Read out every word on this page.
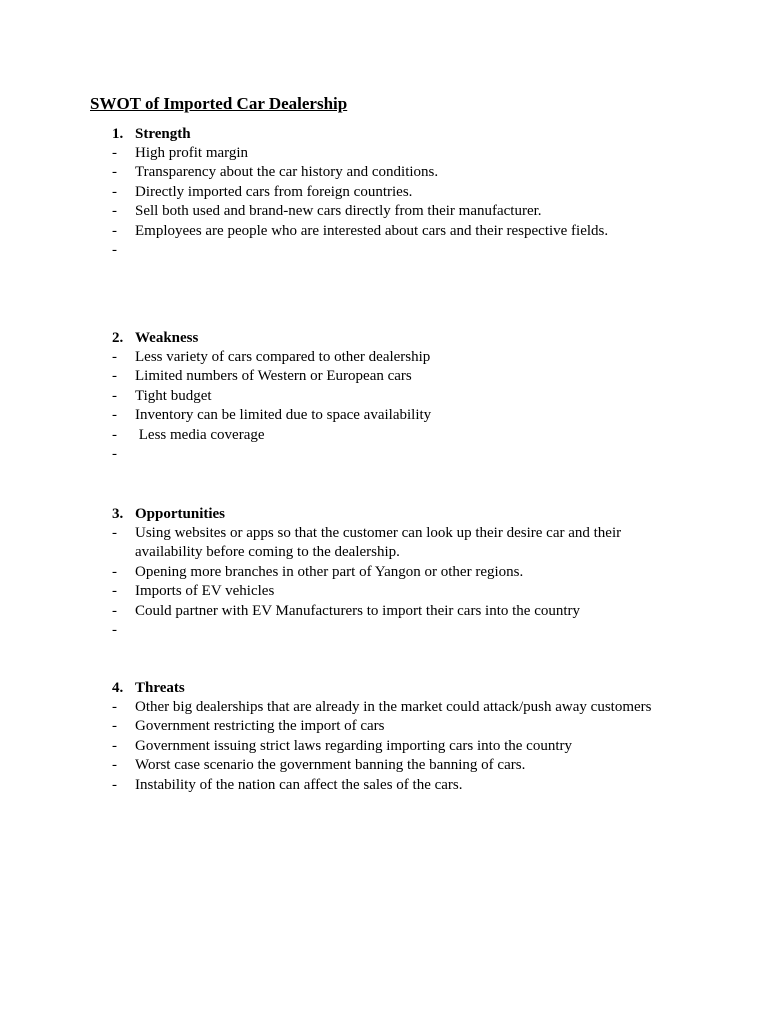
SWOT of Imported Car Dealership
1. Strength
- High profit margin
- Transparency about the car history and conditions.
- Directly imported cars from foreign countries.
- Sell both used and brand-new cars directly from their manufacturer.
- Employees are people who are interested about cars and their respective fields.
-
2. Weakness
- Less variety of cars compared to other dealership
- Limited numbers of Western or European cars
- Tight budget
- Inventory can be limited due to space availability
- Less media coverage
-
3. Opportunities
- Using websites or apps so that the customer can look up their desire car and their availability before coming to the dealership.
- Opening more branches in other part of Yangon or other regions.
- Imports of EV vehicles
- Could partner with EV Manufacturers to import their cars into the country
-
4. Threats
- Other big dealerships that are already in the market could attack/push away customers
- Government restricting the import of cars
- Government issuing strict laws regarding importing cars into the country
- Worst case scenario the government banning the banning of cars.
- Instability of the nation can affect the sales of the cars.
